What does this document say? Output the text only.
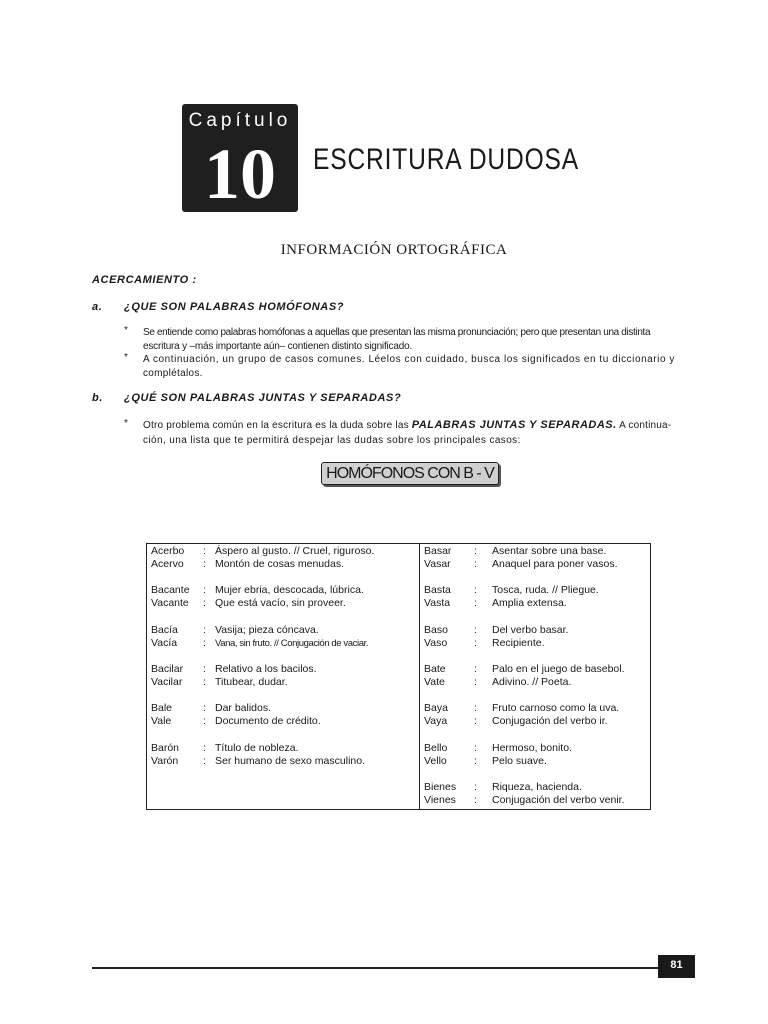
Capítulo
10	ESCRITURA DUDOSA
INFORMACIÓN ORTOGRÁFICA
ACERCAMIENTO :
a. ¿QUE SON PALABRAS HOMÓFONAS?
* Se entiende como palabras homófonas a aquellas que presentan las misma pronunciación; pero que presentan una distinta
escritura y –más importante aún– contienen distinto significado.
* A continuación, un grupo de casos comunes. Léelos con cuidado, busca los significados en tu diccionario y
complétalos.
b. ¿QUÉ SON PALABRAS JUNTAS Y SEPARADAS?
* Otro problema común en la escritura es la duda sobre las PALABRAS JUNTAS Y SEPARADAS. A continua-
ción, una lista que te permitirá despejar las dudas sobre los principales casos:
HOMÓFONOS CON B - V
Acerbo : Áspero al gusto. // Cruel, riguroso.
Acervo : Montón de cosas menudas.
Bacante : Mujer ebria, descocada, lúbrica.
Vacante : Que está vacío, sin proveer.
Bacía : Vasija; pieza cóncava.
Vacía : Vana, sin fruto. // Conjugación de vaciar.
Bacilar : Relativo a los bacilos.
Vacilar : Titubear, dudar.
Bale	: Dar balidos.
Vale	: Documento de crédito.
Barón : Título de nobleza.
Varón : Ser humano de sexo masculino.
Basar : Asentar sobre una base.
Vasar : Anaquel para poner vasos.
Basta : Tosca, ruda. // Pliegue.
Vasta : Amplia extensa.
Baso : Del verbo basar.
Vaso	: Recipiente.
Bate	: Palo en el juego de basebol.
Vate	: Adivino. // Poeta.
Baya : Fruto carnoso como la uva.
Vaya	: Conjugación del verbo ir.
Bello	: Hermoso, bonito.
Vello	: Pelo suave.
Bienes : Riqueza, hacienda.
Vienes : Conjugación del verbo venir.
81
